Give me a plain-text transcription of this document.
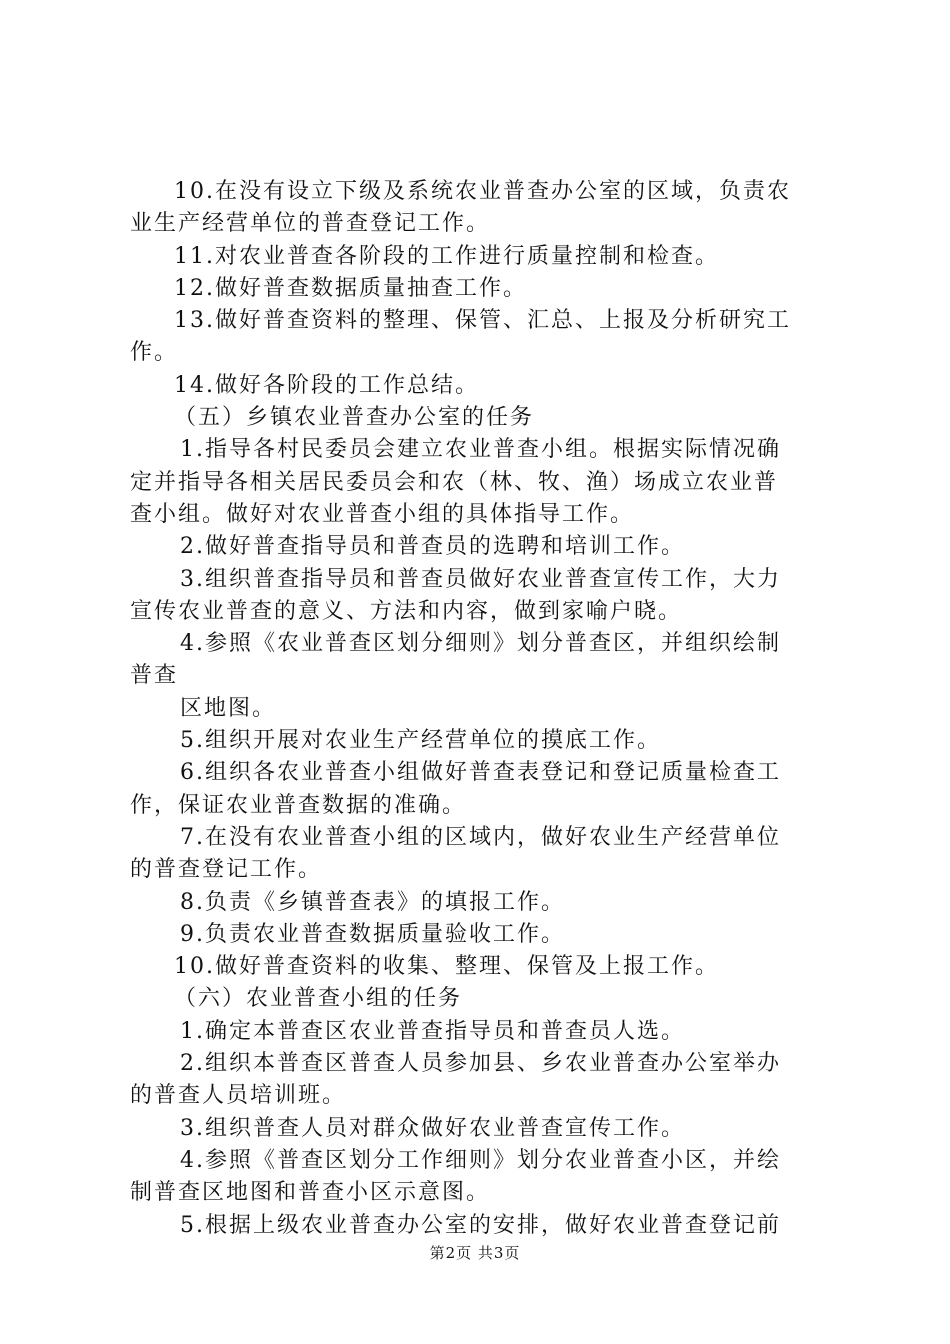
10.在没有设立下级及系统农业普查办公室的区域，负责农
业生产经营单位的普查登记工作。
11.对农业普查各阶段的工作进行质量控制和检查。
12.做好普查数据质量抽查工作。
13.做好普查资料的整理、保管、汇总、上报及分析研究工
作。
14.做好各阶段的工作总结。
（五）乡镇农业普查办公室的任务
1.指导各村民委员会建立农业普查小组。根据实际情况确
定并指导各相关居民委员会和农（林、牧、渔）场成立农业普
查小组。做好对农业普查小组的具体指导工作。
2.做好普查指导员和普查员的选聘和培训工作。
3.组织普查指导员和普查员做好农业普查宣传工作，大力
宣传农业普查的意义、方法和内容，做到家喻户晓。
4.参照《农业普查区划分细则》划分普查区，并组织绘制
普查
区地图。
5.组织开展对农业生产经营单位的摸底工作。
6.组织各农业普查小组做好普查表登记和登记质量检查工
作，保证农业普查数据的准确。
7.在没有农业普查小组的区域内，做好农业生产经营单位
的普查登记工作。
8.负责《乡镇普查表》的填报工作。
9.负责农业普查数据质量验收工作。
10.做好普查资料的收集、整理、保管及上报工作。
（六）农业普查小组的任务
1.确定本普查区农业普查指导员和普查员人选。
2.组织本普查区普查人员参加县、乡农业普查办公室举办
的普查人员培训班。
3.组织普查人员对群众做好农业普查宣传工作。
4.参照《普查区划分工作细则》划分农业普查小区，并绘
制普查区地图和普查小区示意图。
5.根据上级农业普查办公室的安排，做好农业普查登记前
第2页 共3页
